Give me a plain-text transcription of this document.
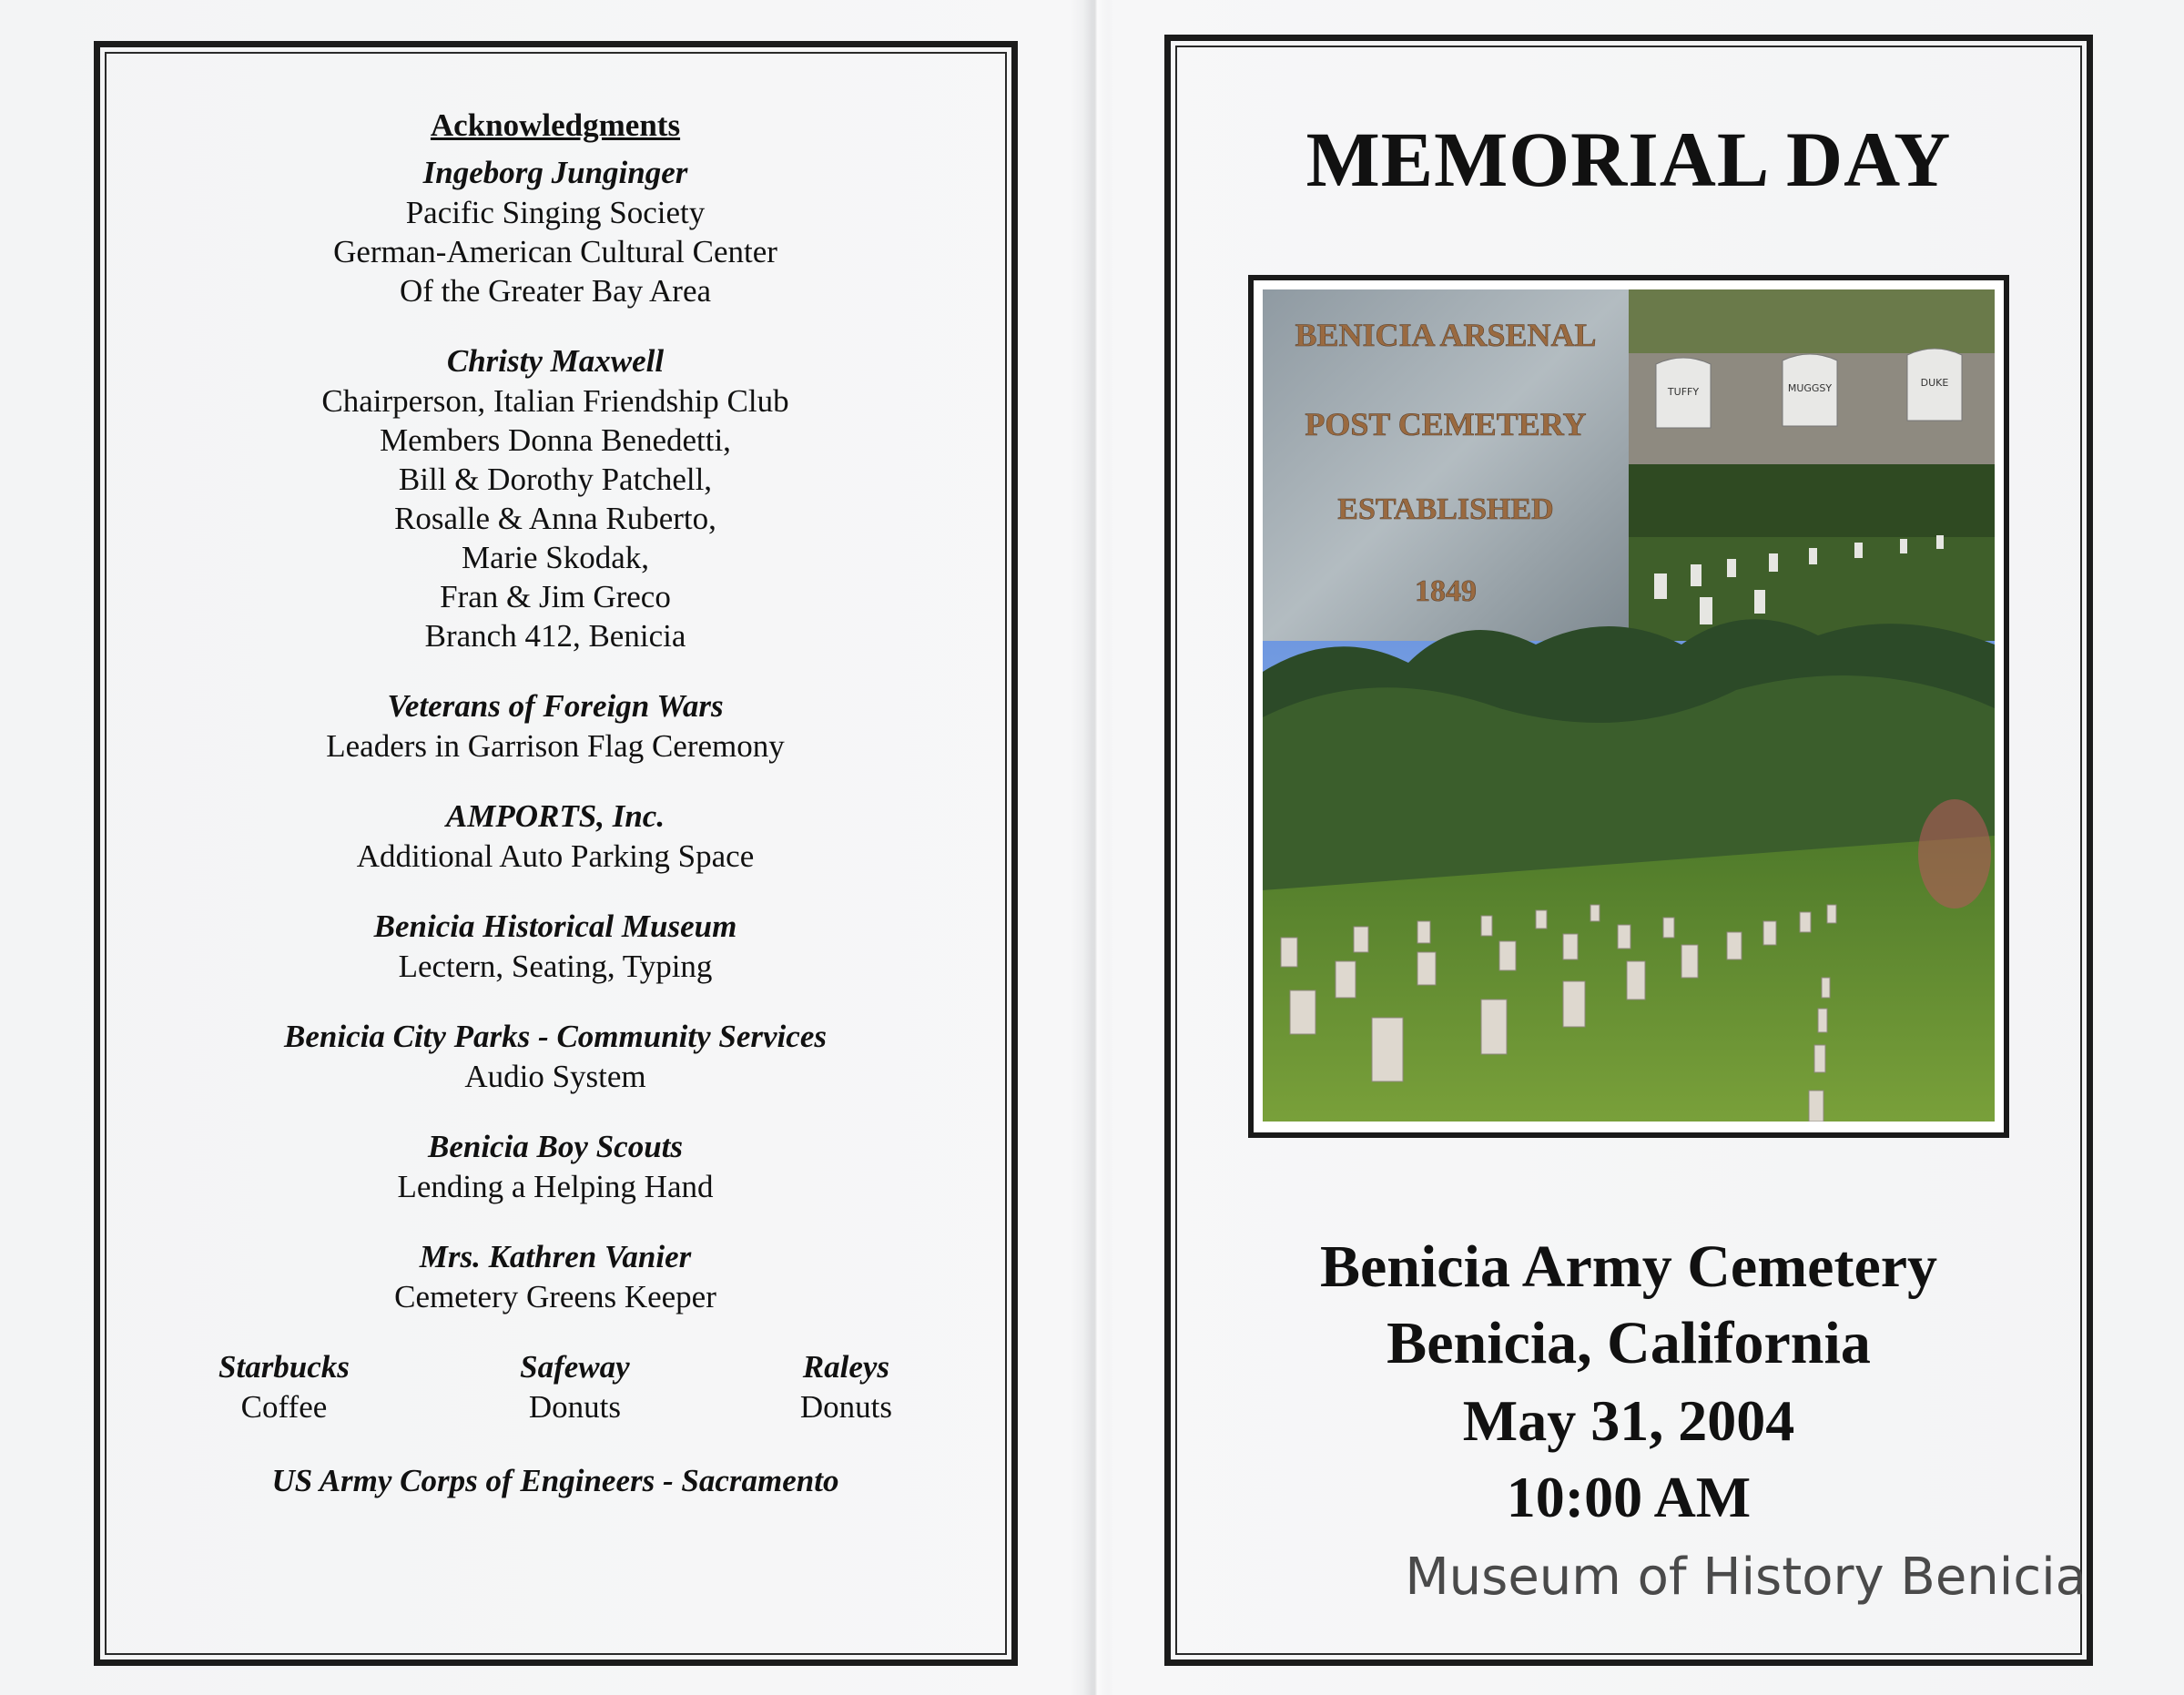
Acknowledgments
Ingeborg Junginger
Pacific Singing Society
German-American Cultural Center
Of the Greater Bay Area
Christy Maxwell
Chairperson, Italian Friendship Club
Members Donna Benedetti,
Bill & Dorothy Patchell,
Rosalle & Anna Ruberto,
Marie Skodak,
Fran & Jim Greco
Branch 412, Benicia
Veterans of Foreign Wars
Leaders in Garrison Flag Ceremony
AMPORTS, Inc.
Additional Auto Parking Space
Benicia Historical Museum
Lectern, Seating, Typing
Benicia City Parks - Community Services
Audio System
Benicia Boy Scouts
Lending a Helping Hand
Mrs. Kathren Vanier
Cemetery Greens Keeper
Starbucks
Coffee
Safeway
Donuts
Raleys
Donuts
US Army Corps of Engineers - Sacramento
MEMORIAL DAY
BENICIA ARSENAL
POST CEMETERY
ESTABLISHED
1849
TUFFY	MUGGSY	DUKE
Benicia Army Cemetery
Benicia, California
May 31, 2004
10:00 AM
Museum of History Benicia
